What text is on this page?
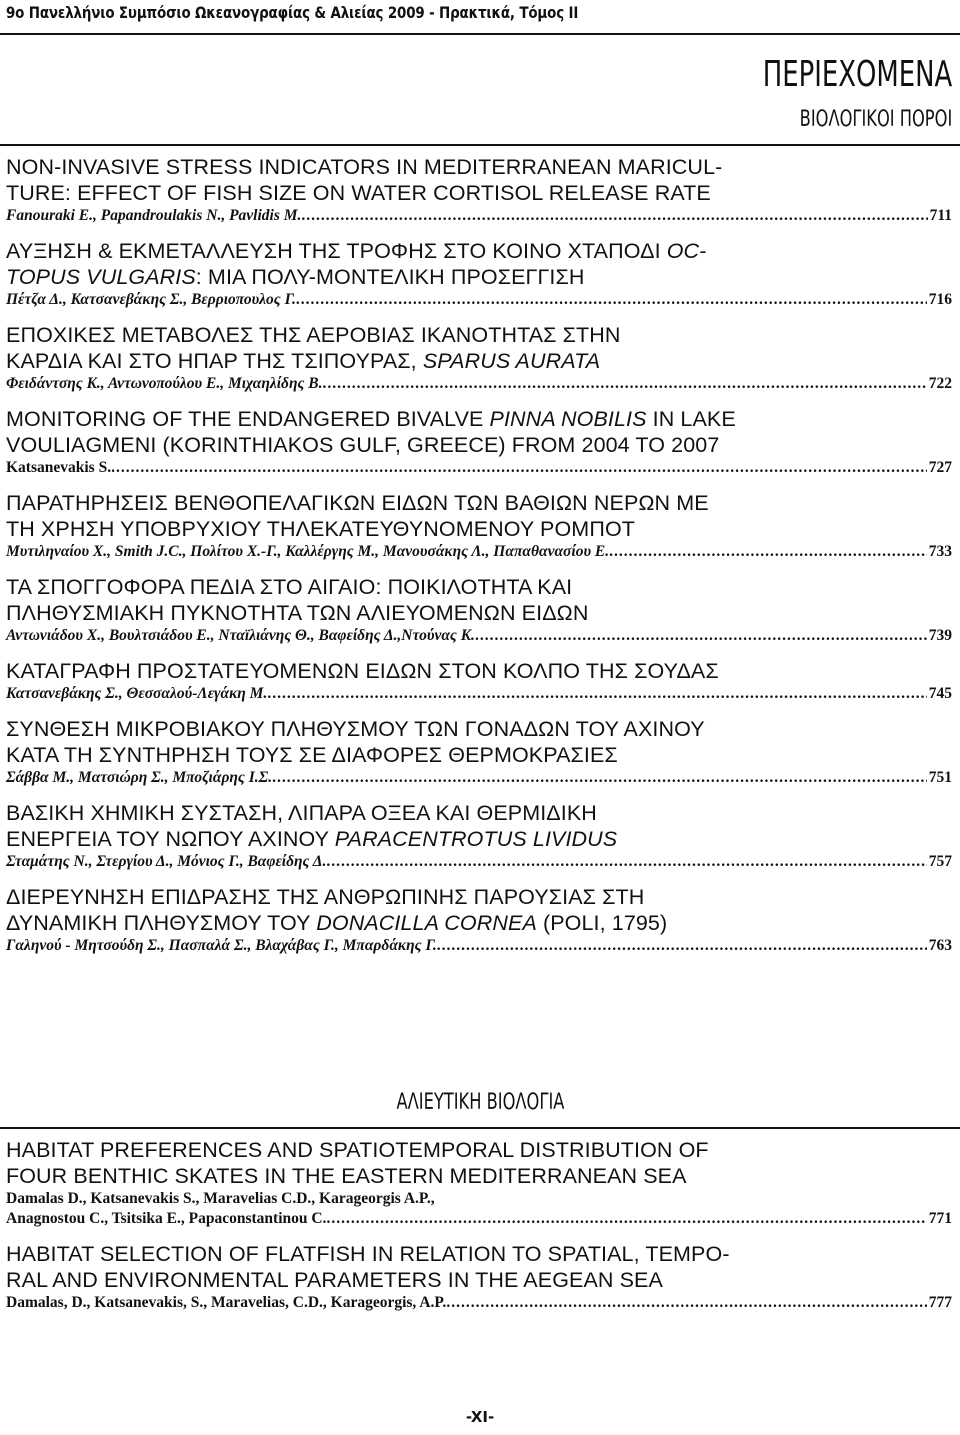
9ο Πανελλήνιο Συμπόσιο Ωκεανογραφίας & Αλιείας 2009 - Πρακτικά, Τόμος ΙΙ
ΠΕΡΙΕΧΟΜΕΝΑ
ΒΙΟΛΟΓΙΚΟΙ ΠΟΡΟΙ
NON-INVASIVE STRESS INDICATORS IN MEDITERRANEAN MARICUL-
TURE: EFFECT OF FISH SIZE ON WATER CORTISOL RELEASE RATE
Fanouraki E., Papandroulakis N., Pavlidis M. .....	711
ΑΥΞΗΣΗ & ΕΚΜΕΤΑΛΛΕΥΣΗ ΤΗΣ ΤΡΟΦΗΣ ΣΤΟ ΚΟΙΝΟ ΧΤΑΠΟΔΙ OC-
TOPUS VULGARIS: ΜΙΑ ΠΟΛΥ-ΜΟΝΤΕΛΙΚΗ ΠΡΟΣΕΓΓΙΣΗ
Πέτζα Δ., Κατσανεβάκης Σ., Βερριοπουλος Γ. .....	716
ΕΠΟΧΙΚΕΣ ΜΕΤΑΒΟΛΕΣ ΤΗΣ ΑΕΡΟΒΙΑΣ ΙΚΑΝΟΤΗΤΑΣ ΣΤΗΝ
ΚΑΡΔΙΑ ΚΑΙ ΣΤΟ ΗΠΑΡ ΤΗΣ ΤΣΙΠΟΥΡΑΣ, SPARUS AURATA
Φειδάντσης Κ., Αντωνοπούλου Ε., Μιχαηλίδης Β. .....	722
MONITORING OF THE ENDANGERED BIVALVE PINNA NOBILIS IN LAKE
VOULIAGMENI (KORINTHIAKOS GULF, GREECE) FROM 2004 TO 2007
Katsanevakis S. .....	727
ΠΑΡΑΤΗΡΗΣΕΙΣ ΒΕΝΘΟΠΕΛΑΓΙΚΩΝ ΕΙΔΩΝ ΤΩΝ ΒΑΘΙΩΝ ΝΕΡΩΝ ΜΕ
ΤΗ ΧΡΗΣΗ ΥΠΟΒΡΥΧΙΟΥ ΤΗΛΕΚΑΤΕΥΘΥΝΟΜΕΝΟΥ ΡΟΜΠΟΤ
Μυτιληναίου Χ., Smith J.C., Πολίτου Χ.-Γ., Καλλέργης Μ., Μανουσάκης Λ., Παπαθανασίου Ε. .....	733
ΤΑ ΣΠΟΓΓΟΦΟΡΑ ΠΕΔΙΑ ΣΤΟ ΑΙΓΑΙΟ: ΠΟΙΚΙΛΟΤΗΤΑ ΚΑΙ
ΠΛΗΘΥΣΜΙΑΚΗ ΠΥΚΝΟΤΗΤΑ ΤΩΝ ΑΛΙΕΥΟΜΕΝΩΝ ΕΙΔΩΝ
Αντωνιάδου Χ., Βουλτσιάδου Ε., Νταϊλιάνης Θ., Βαφείδης Δ.,Ντούνας Κ. .....	739
ΚΑΤΑΓΡΑΦΗ ΠΡΟΣΤΑΤΕΥΟΜΕΝΩΝ ΕΙΔΩΝ ΣΤΟΝ ΚΟΛΠΟ ΤΗΣ ΣΟΥΔΑΣ
Κατσανεβάκης Σ., Θεσσαλού-Λεγάκη Μ. .....	745
ΣΥΝΘΕΣΗ ΜΙΚΡΟΒΙΑΚΟΥ ΠΛΗΘΥΣΜΟΥ ΤΩΝ ΓΟΝΑΔΩΝ ΤΟΥ ΑΧΙΝΟΥ
ΚΑΤΑ ΤΗ ΣΥΝΤΗΡΗΣΗ ΤΟΥΣ ΣΕ ΔΙΑΦΟΡΕΣ ΘΕΡΜΟΚΡΑΣΙΕΣ
Σάββα Μ., Ματσιώρη Σ., Μποζιάρης Ι.Σ. .....	751
ΒΑΣΙΚΗ ΧΗΜΙΚΗ ΣΥΣΤΑΣΗ, ΛΙΠΑΡΑ ΟΞΕΑ ΚΑΙ ΘΕΡΜΙΔΙΚΗ
ΕΝΕΡΓΕΙΑ ΤΟΥ ΝΩΠΟΥ ΑΧΙΝΟΥ PARACENTROTUS LIVIDUS
Σταμάτης Ν., Στεργίου Δ., Μόνιος Γ., Βαφείδης Δ. .....	757
ΔΙΕΡΕΥΝΗΣΗ ΕΠΙΔΡΑΣΗΣ ΤΗΣ ΑΝΘΡΩΠΙΝΗΣ ΠΑΡΟΥΣΙΑΣ ΣΤΗ
ΔΥΝΑΜΙΚΗ ΠΛΗΘΥΣΜΟΥ ΤΟΥ DONACILLA CORNEA (POLI, 1795)
Γαληνού - Μητσούδη Σ., Πασπαλά Σ., Βλαχάβας Γ., Μπαρδάκης Γ. .....	763
ΑΛΙΕΥΤΙΚΗ ΒΙΟΛΟΓΙΑ
HABITAT PREFERENCES AND SPATIOTEMPORAL DISTRIBUTION OF
FOUR BENTHIC SKATES IN THE EASTERN MEDITERRANEAN SEA
Damalas D., Katsanevakis S., Maravelias C.D., Karageorgis A.P.,
Anagnostou C., Tsitsika E., Papaconstantinou C. .....	771
HABITAT SELECTION OF FLATFISH IN RELATION TO SPATIAL, TEMPO-
RAL AND ENVIRONMENTAL PARAMETERS IN THE AEGEAN SEA
Damalas, D., Katsanevakis, S., Maravelias, C.D., Karageorgis, A.P. .....	777
-XI-
